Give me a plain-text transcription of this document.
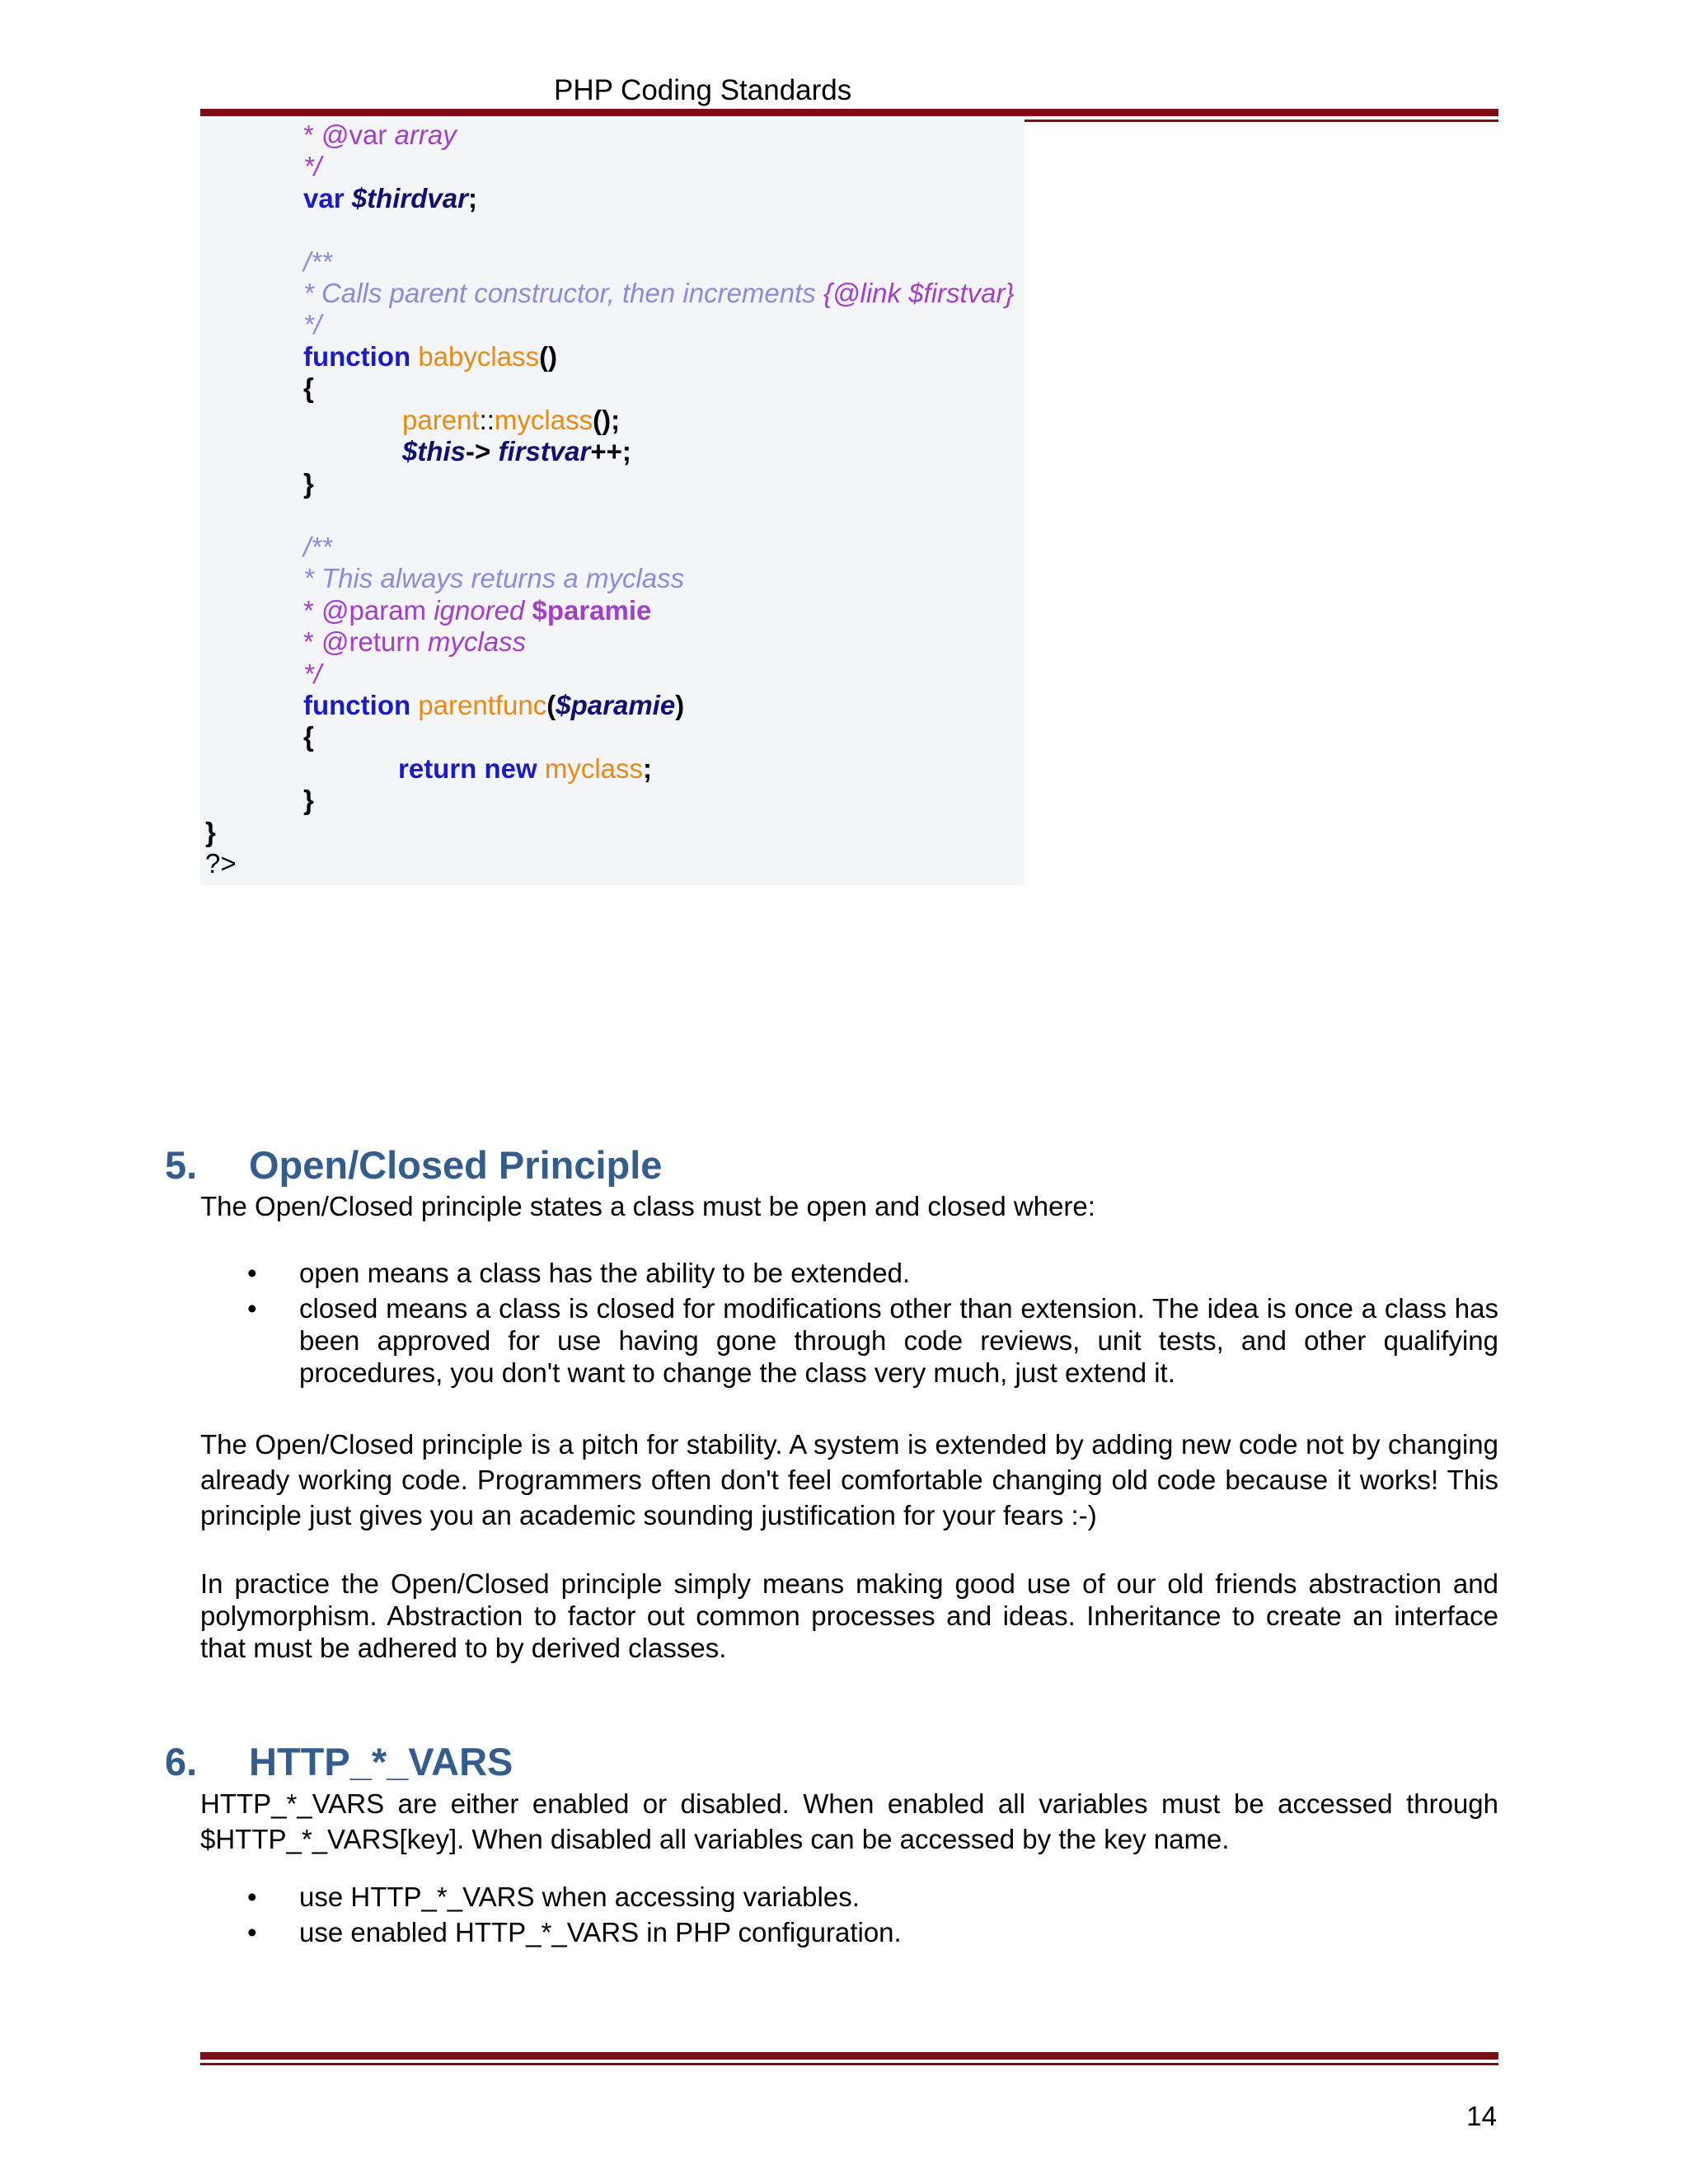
PHP Coding Standards
* @var array
*/
var $thirdvar;
/**
* Calls parent constructor, then increments {@link $firstvar}
*/
function babyclass()
{
parent::myclass();
$this-> firstvar++;
}
/**
* This always returns a myclass
* @param ignored $paramie
* @return myclass
*/
function parentfunc($paramie)
{
return new myclass;
}
}
?>
5. Open/Closed Principle

The Open/Closed principle states a class must be open and closed where:

• open means a class has the ability to be extended.
• closed means a class is closed for modifications other than extension. The idea is once a class has been approved for use having gone through code reviews, unit tests, and other qualifying procedures, you don't want to change the class very much, just extend it.

The Open/Closed principle is a pitch for stability. A system is extended by adding new code not by changing already working code. Programmers often don't feel comfortable changing old code because it works! This principle just gives you an academic sounding justification for your fears :-)

In practice the Open/Closed principle simply means making good use of our old friends abstraction and polymorphism. Abstraction to factor out common processes and ideas. Inheritance to create an interface that must be adhered to by derived classes.

6. HTTP_*_VARS

HTTP_*_VARS are either enabled or disabled. When enabled all variables must be accessed through $HTTP_*_VARS[key]. When disabled all variables can be accessed by the key name.

• use HTTP_*_VARS when accessing variables.
• use enabled HTTP_*_VARS in PHP configuration.
14
